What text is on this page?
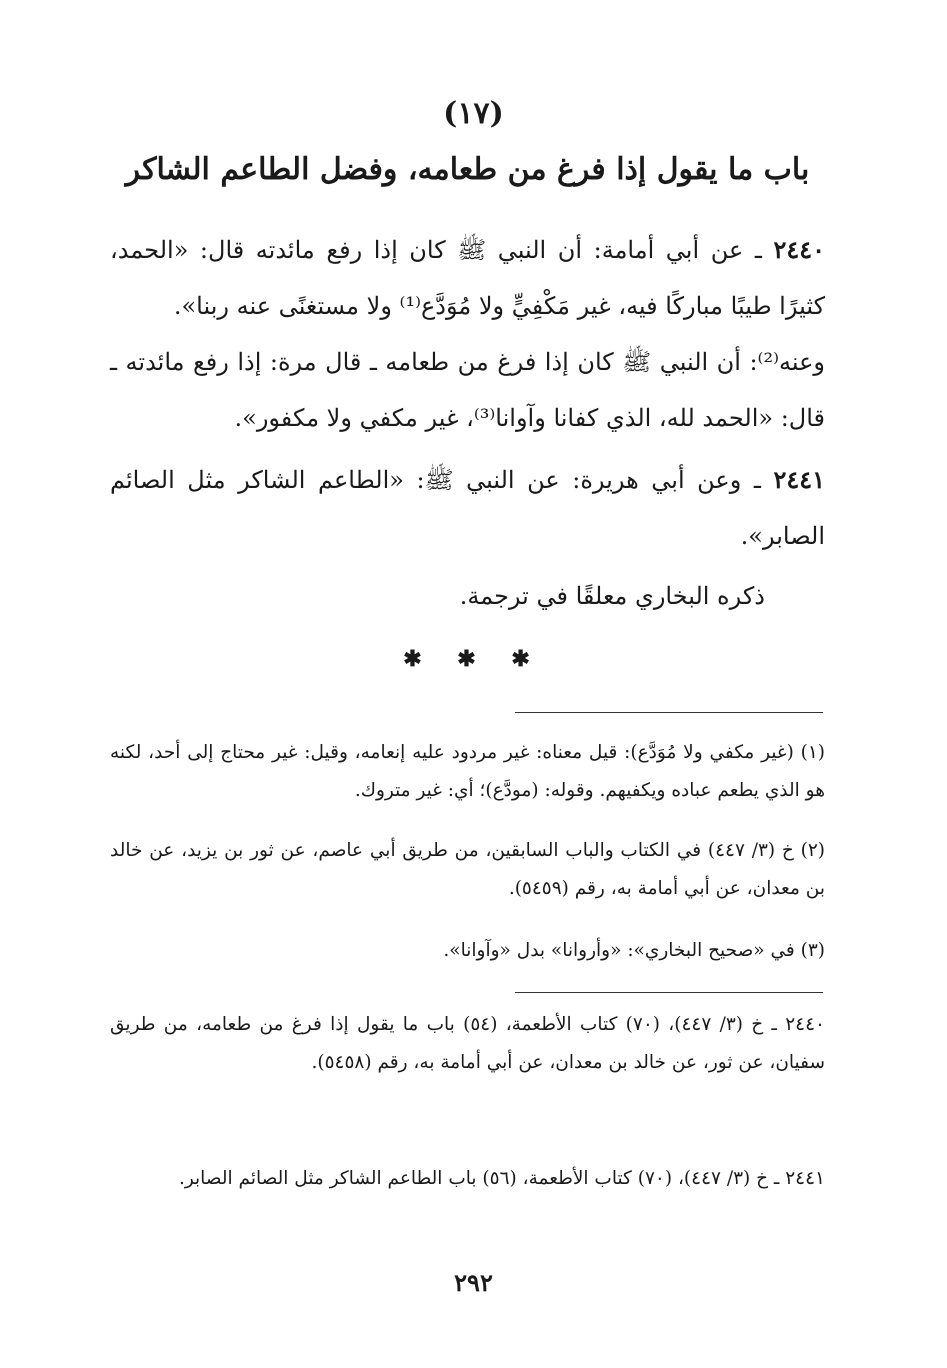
(١٧)
باب ما يقول إذا فرغ من طعامه، وفضل الطاعم الشاكر
٢٤٤٠ ـ عن أبي أمامة: أن النبي ﷺ كان إذا رفع مائدته قال: «الحمد، كثيرًا طيبًا مباركًا فيه، غير مَكْفِيٍّ ولا مُوَدَّع⁽¹⁾ ولا مستغنًى عنه ربنا».
وعنه⁽²⁾: أن النبي ﷺ كان إذا فرغ من طعامه ـ قال مرة: إذا رفع مائدته ـ قال: «الحمد لله، الذي كفانا وآوانا⁽³⁾، غير مكفي ولا مكفور».
٢٤٤١ ـ وعن أبي هريرة: عن النبي ﷺ: «الطاعم الشاكر مثل الصائم الصابر».
ذكره البخاري معلقًا في ترجمة.
✱ ✱ ✱
(١) (غير مكفي ولا مُوَدَّع): قيل معناه: غير مردود عليه إنعامه، وقيل: غير محتاج إلى أحد، لكنه هو الذي يطعم عباده ويكفيهم. وقوله: (مودَّع)؛ أي: غير متروك.
(٢) خ (٣/ ٤٤٧) في الكتاب والباب السابقين، من طريق أبي عاصم، عن ثور بن يزيد، عن خالد بن معدان، عن أبي أمامة به، رقم (٥٤٥٩).
(٣) في «صحيح البخاري»: «وأروانا» بدل «وآوانا».
٢٤٤٠ ـ خ (٣/ ٤٤٧)، (٧٠) كتاب الأطعمة، (٥٤) باب ما يقول إذا فرغ من طعامه، من طريق سفيان، عن ثور، عن خالد بن معدان، عن أبي أمامة به، رقم (٥٤٥٨).
٢٤٤١ ـ خ (٣/ ٤٤٧)، (٧٠) كتاب الأطعمة، (٥٦) باب الطاعم الشاكر مثل الصائم الصابر.
٢٩٢
